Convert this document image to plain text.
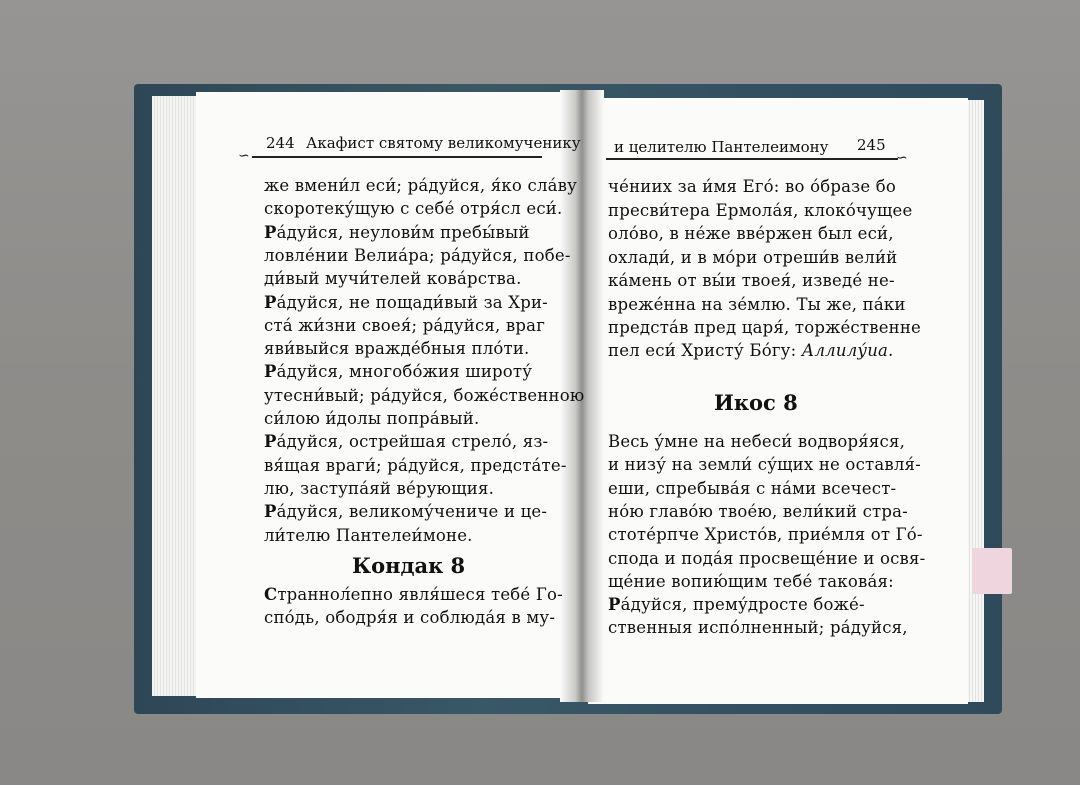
244 Акафист святому великомученику
∽
же вмени́л еси́; ра́дуйся, я́ко сла́ву
скоротеку́щую с себе́ отря́сл еси́.
Ра́дуйся, неулови́м пребы́вый
ловле́нии Велиа́ра; ра́дуйся, побе-
ди́вый мучи́телей кова́рства.
Ра́дуйся, не пощади́вый за Хри-
ста́ жи́зни своея́; ра́дуйся, враг
яви́выйся вражде́бныя пло́ти.
Ра́дуйся, многобо́жия широту́
утесни́вый; ра́дуйся, боже́ственною
си́лою и́долы попра́вый.
Ра́дуйся, острейшая стрело́, яз-
вя́щая враги́; ра́дуйся, предста́те-
лю, заступа́яй ве́рующия.
Ра́дуйся, великому́чениче и це-
ли́телю Пантелеи́моне.
Кондак 8
Страннол́епно явля́шеся тебе́ Го-
спо́дь, ободря́я и соблюда́я в му-
и целителю Пантелеимону 245
∽
че́ниих за и́мя Его́: во о́бразе бо
пресви́тера Ермола́я, клоко́чущее
оло́во, в не́же вве́ржен был еси́,
охлади́, и в мо́ри отреши́в вели́й
ка́мень от вы́и твоея́, изведе́ не-
вреже́нна на зе́млю. Ты же, па́ки
предста́в пред царя́, торже́ственне
пел еси́ Христу́ Бо́гу: Аллилу́иа.
Икос 8
Весь у́мне на небеси́ водворя́яся,
и низу́ на земли́ су́щих не оставля́-
еши, спребыва́я с на́ми всечест-
но́ю главо́ю твое́ю, вели́кий стра-
стоте́рпче Христо́в, прие́мля от Го́-
спода и пода́я просвеще́ние и освя-
ще́ние вопию́щим тебе́ такова́я:
Ра́дуйся, прему́дросте боже́-
ственныя испо́лненный; ра́дуйся,
